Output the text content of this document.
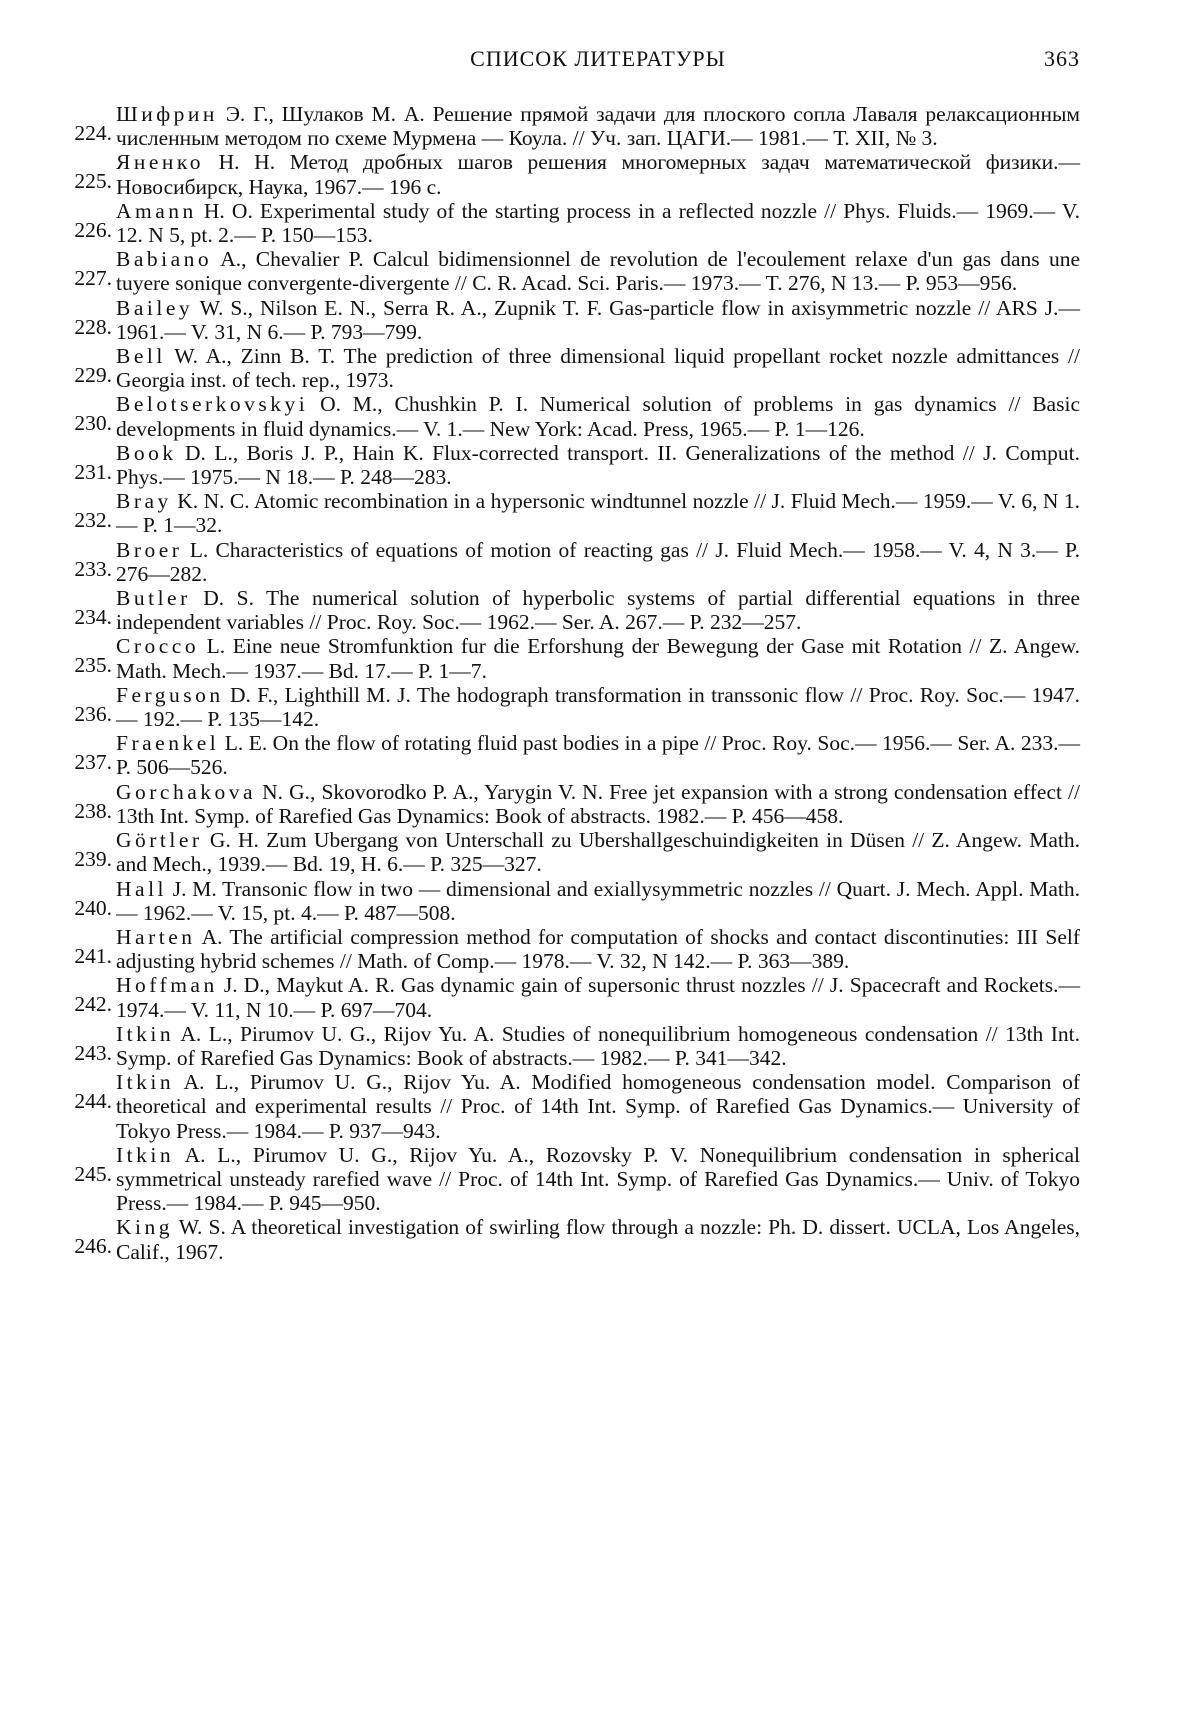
СПИСОК ЛИТЕРАТУРЫ	363

224.
Шифрин Э. Г., Шулаков М. А. Решение прямой задачи для плоского сопла Лаваля релаксационным численным методом по схеме Мурмена — Коула. // Уч. зап. ЦАГИ.— 1981.— Т. XII, № 3.

225.
Яненко Н. Н. Метод дробных шагов решения многомерных задач математической физики.— Новосибирск, Наука, 1967.— 196 с.

226.
Amann H. O. Experimental study of the starting process in a reflected nozzle // Phys. Fluids.— 1969.— V. 12. N 5, pt. 2.— P. 150—153.

227.
Babiano A., Chevalier P. Calcul bidimensionnel de revolution de l'ecoulement relaxe d'un gas dans une tuyere sonique convergente-divergente // C. R. Acad. Sci. Paris.— 1973.— T. 276, N 13.— P. 953—956.

228.
Bailey W. S., Nilson E. N., Serra R. A., Zupnik T. F. Gas-particle flow in axisymmetric nozzle // ARS J.— 1961.— V. 31, N 6.— P. 793—799.

229.
Bell W. A., Zinn B. T. The prediction of three dimensional liquid propellant rocket nozzle admittances // Georgia inst. of tech. rep., 1973.

230.
Belotserkovskyi O. M., Chushkin P. I. Numerical solution of problems in gas dynamics // Basic developments in fluid dynamics.— V. 1.— New York: Acad. Press, 1965.— P. 1—126.

231.
Book D. L., Boris J. P., Hain K. Flux-corrected transport. II. Generalizations of the method // J. Comput. Phys.— 1975.— N 18.— P. 248—283.

232.
Bray K. N. C. Atomic recombination in a hypersonic windtunnel nozzle // J. Fluid Mech.— 1959.— V. 6, N 1.— P. 1—32.

233.
Broer L. Characteristics of equations of motion of reacting gas // J. Fluid Mech.— 1958.— V. 4, N 3.— P. 276—282.

234.
Butler D. S. The numerical solution of hyperbolic systems of partial differential equations in three independent variables // Proc. Roy. Soc.— 1962.— Ser. A. 267.— P. 232—257.

235.
Crocco L. Eine neue Stromfunktion fur die Erforshung der Bewegung der Gase mit Rotation // Z. Angew. Math. Mech.— 1937.— Bd. 17.— P. 1—7.

236.
Ferguson D. F., Lighthill M. J. The hodograph transformation in transsonic flow // Proc. Roy. Soc.— 1947.— 192.— P. 135—142.

237.
Fraenkel L. E. On the flow of rotating fluid past bodies in a pipe // Proc. Roy. Soc.— 1956.— Ser. A. 233.— P. 506—526.

238.
Gorchakova N. G., Skovorodko P. A., Yarygin V. N. Free jet expansion with a strong condensation effect // 13th Int. Symp. of Rarefied Gas Dynamics: Book of abstracts. 1982.— P. 456—458.

239.
Görtler G. H. Zum Ubergang von Unterschall zu Ubershallgeschuindigkeiten in Düsen // Z. Angew. Math. and Mech., 1939.— Bd. 19, H. 6.— P. 325—327.

240.
Hall J. M. Transonic flow in two — dimensional and exiallysymmetric nozzles // Quart. J. Mech. Appl. Math.— 1962.— V. 15, pt. 4.— P. 487—508.

241.
Harten A. The artificial compression method for computation of shocks and contact discontinuties: III Self adjusting hybrid schemes // Math. of Comp.— 1978.— V. 32, N 142.— P. 363—389.

242.
Hoffman J. D., Maykut A. R. Gas dynamic gain of supersonic thrust nozzles // J. Spacecraft and Rockets.— 1974.— V. 11, N 10.— P. 697—704.

243.
Itkin A. L., Pirumov U. G., Rijov Yu. A. Studies of nonequilibrium homogeneous condensation // 13th Int. Symp. of Rarefied Gas Dynamics: Book of abstracts.— 1982.— P. 341—342.

244.
Itkin A. L., Pirumov U. G., Rijov Yu. A. Modified homogeneous condensation model. Comparison of theoretical and experimental results // Proc. of 14th Int. Symp. of Rarefied Gas Dynamics.— University of Tokyo Press.— 1984.— P. 937—943.

245.
Itkin A. L., Pirumov U. G., Rijov Yu. A., Rozovsky P. V. Nonequilibrium condensation in spherical symmetrical unsteady rarefied wave // Proc. of 14th Int. Symp. of Rarefied Gas Dynamics.— Univ. of Tokyo Press.— 1984.— P. 945—950.

246.
King W. S. A theoretical investigation of swirling flow through a nozzle: Ph. D. dissert. UCLA, Los Angeles, Calif., 1967.
